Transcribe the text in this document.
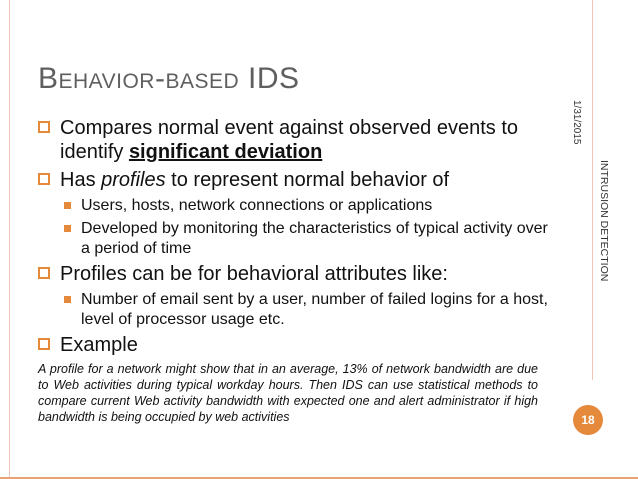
Behavior-based IDS
Compares normal event against observed events to identify significant deviation
Has profiles to represent normal behavior of
Users, hosts, network connections or applications
Developed by monitoring the characteristics of typical activity over a period of time
Profiles can be for behavioral attributes like:
Number of email sent by a user, number of failed logins for a host, level of processor usage etc.
Example
A profile for a network might show that in an average, 13% of network bandwidth are due to Web activities during typical workday hours. Then IDS can use statistical methods to compare current Web activity bandwidth with expected one and alert administrator if high bandwidth is being occupied by web activities
1/31/2015
INTRUSION DETECTION
18
